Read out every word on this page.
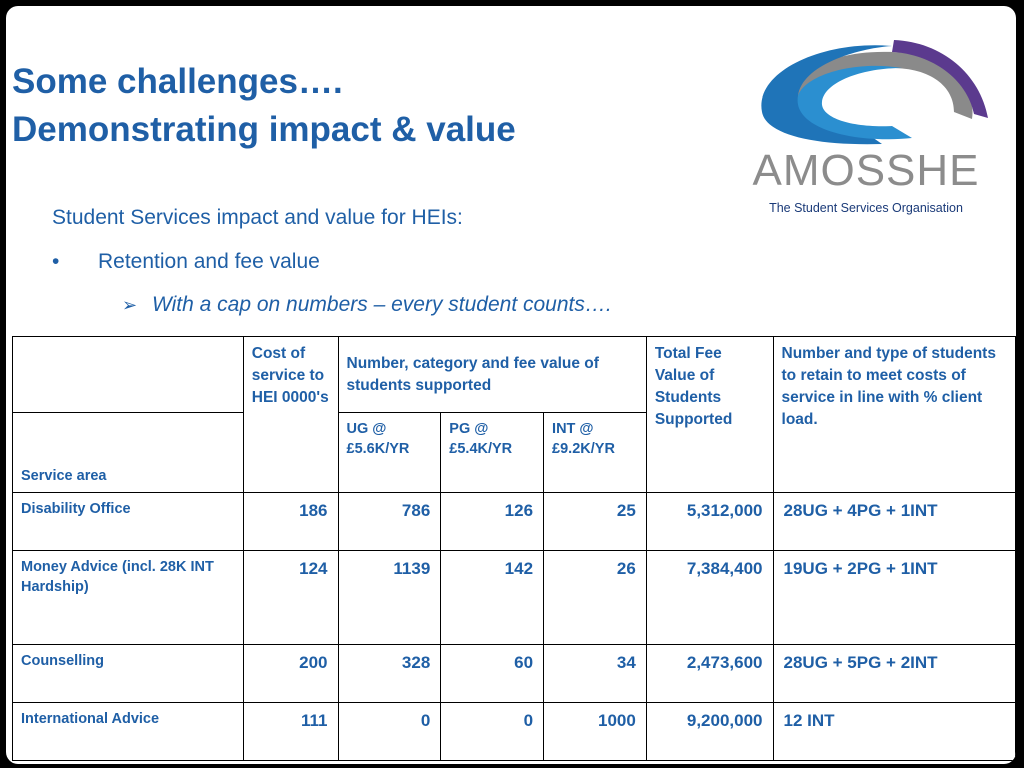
Some challenges….
Demonstrating impact & value
AMOSSHE
The Student Services Organisation
Student Services impact and value for HEIs:
• Retention and fee value
➢ With a cap on numbers – every student counts….
	Cost of service to HEI 0000's	Number, category and fee value of students supported			Total Fee Value of Students Supported	Number and type of students to retain to meet costs of service in line with % client load.
Service area		UG @ £5.6K/YR	PG @ £5.4K/YR	INT @ £9.2K/YR		
Disability Office	186	786	126	25	5,312,000	28UG + 4PG + 1INT
Money Advice (incl. 28K INT Hardship)	124	1139	142	26	7,384,400	19UG + 2PG + 1INT
Counselling	200	328	60	34	2,473,600	28UG + 5PG + 2INT
International Advice	111	0	0	1000	9,200,000	12 INT
